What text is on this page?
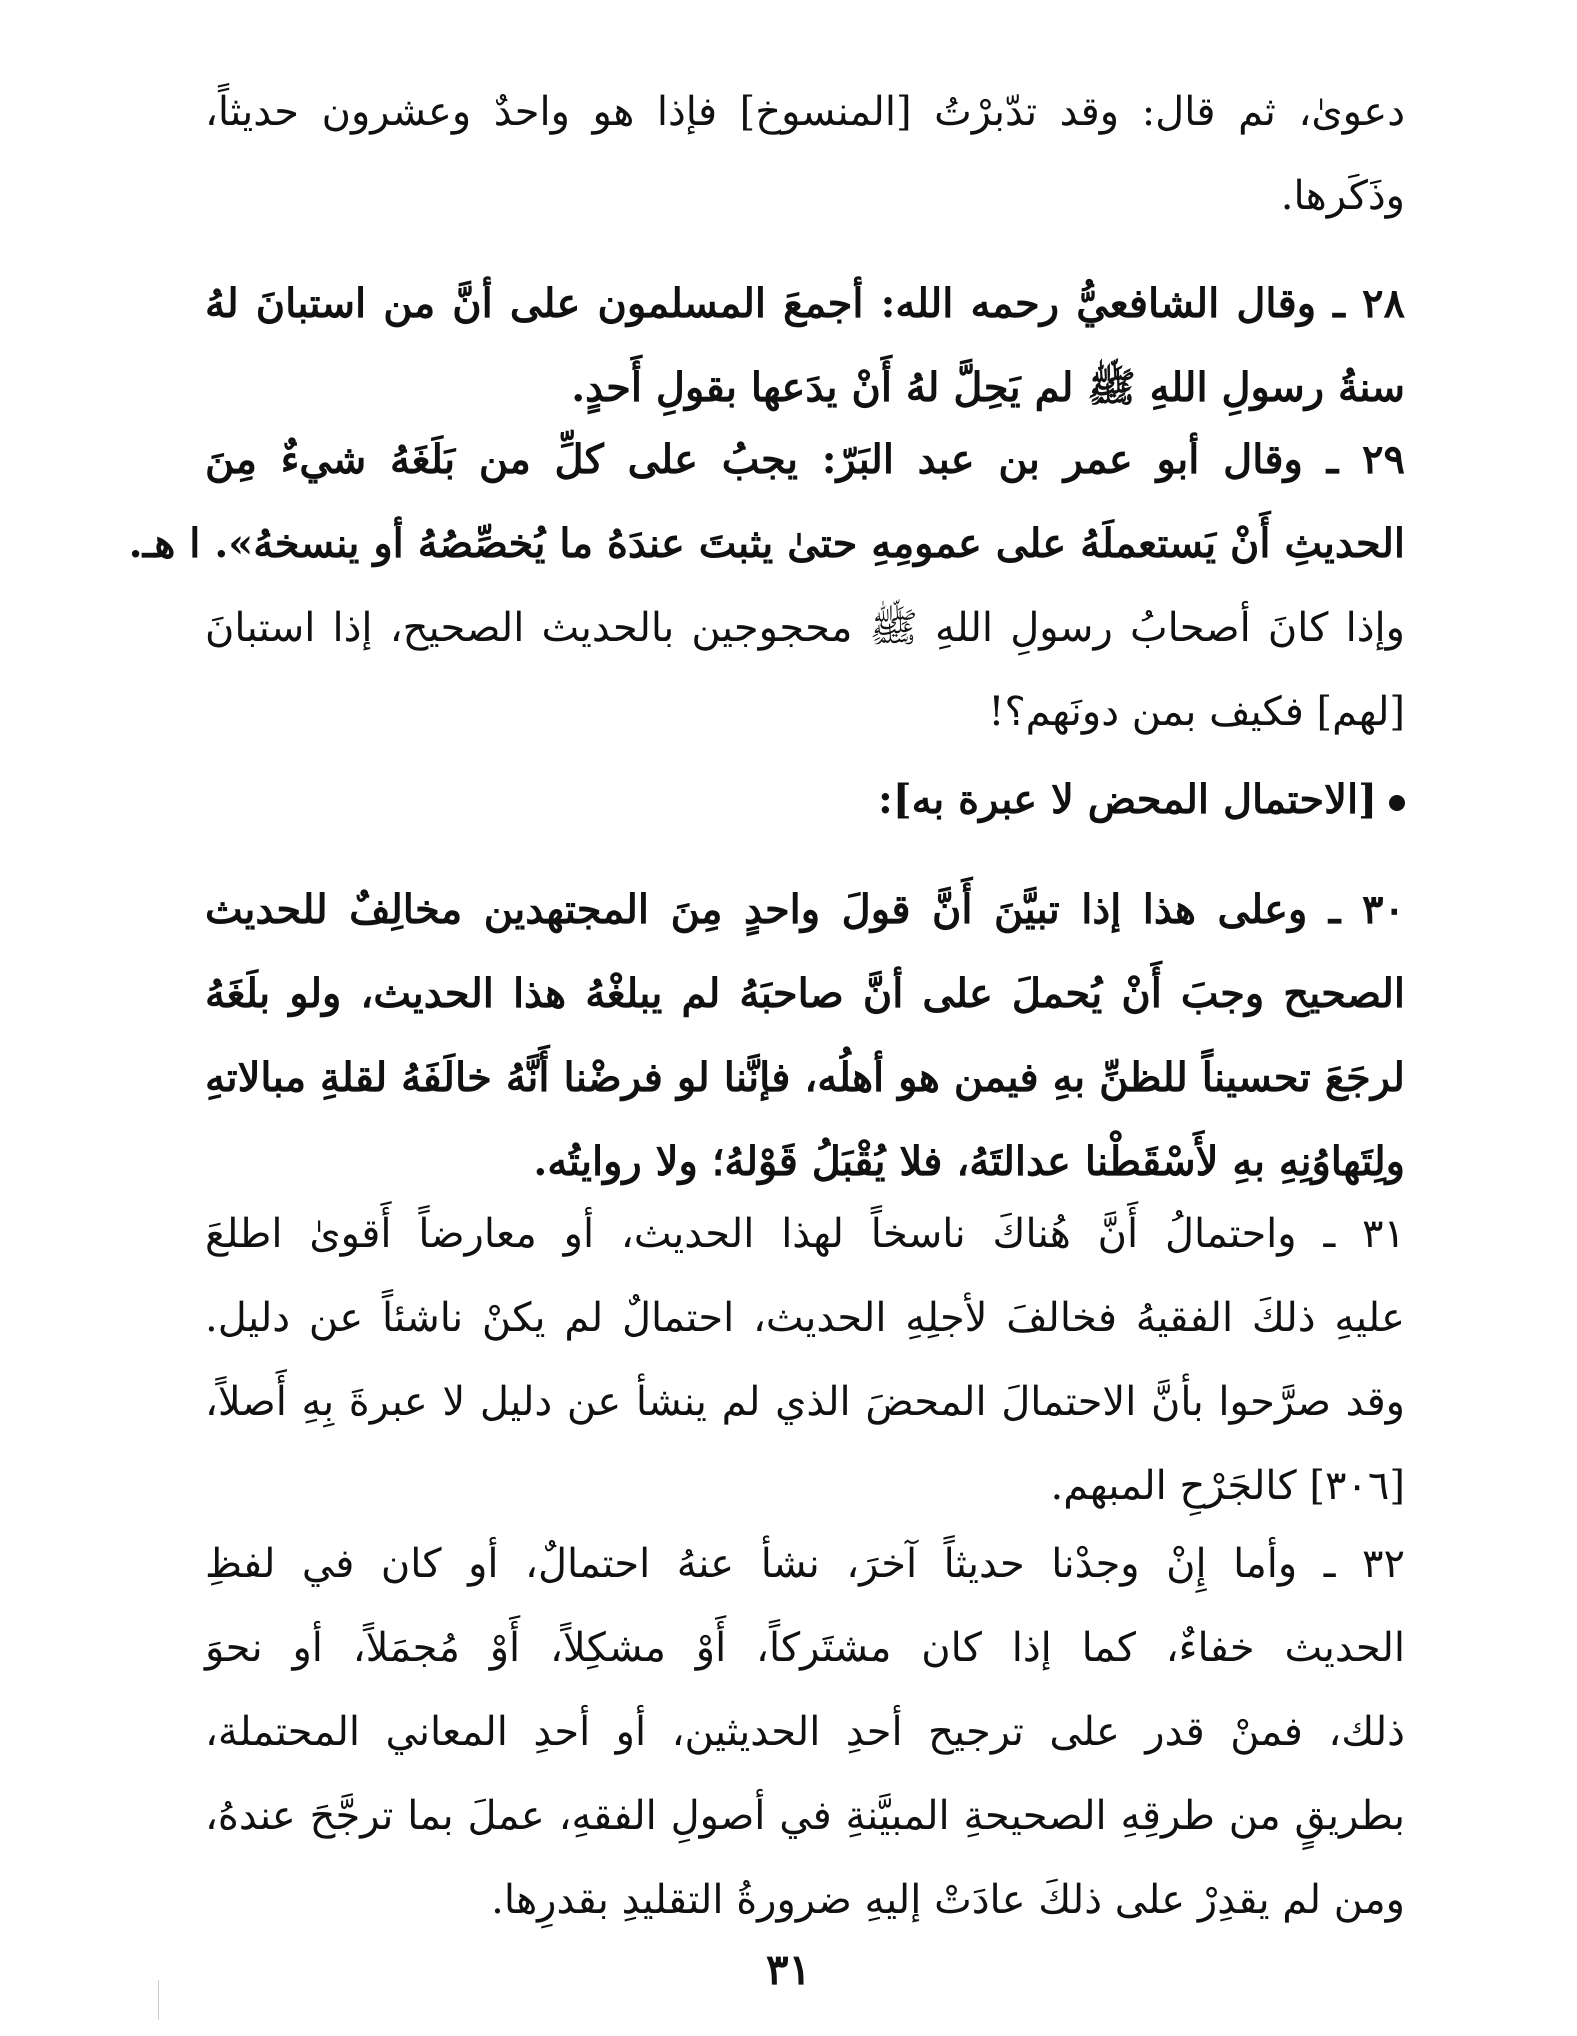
دعوىٰ، ثم قال: وقد تدّبرْتُ [المنسوخ] فإذا هو واحدٌ وعشرون حديثاً،
وذَكَرها.
٢٨ ـ وقال الشافعيُّ رحمه الله: أجمعَ المسلمون على أنَّ من استبانَ لهُ
سنةُ رسولِ اللهِ ﷺ لم يَحِلَّ لهُ أَنْ يدَعها بقولِ أَحدٍ.
٢٩ ـ وقال أبو عمر بن عبد البَرّ: يجبُ على كلِّ من بَلَغَهُ شيءٌ مِنَ
الحديثِ أَنْ يَستعملَهُ على عمومِهِ حتىٰ يثبتَ عندَهُ ما يُخصِّصُهُ أو ينسخهُ». ا هـ.
وإذا كانَ أصحابُ رسولِ اللهِ ﷺ محجوجين بالحديث الصحيح، إذا استبانَ
[لهم] فكيف بمن دونَهم؟!
[الاحتمال المحض لا عبرة به]:
٣٠ ـ وعلى هذا إذا تبيَّنَ أَنَّ قولَ واحدٍ مِنَ المجتهدين مخالِفٌ للحديث
الصحيح وجبَ أَنْ يُحملَ على أنَّ صاحبَهُ لم يبلغْهُ هذا الحديث، ولو بلَغَهُ
لرجَعَ تحسيناً للظنِّ بهِ فيمن هو أهلُه، فإنَّنا لو فرضْنا أَنَّهُ خالَفَهُ لقلةِ مبالاتهِ
ولِتَهاوُنِهِ بهِ لأَسْقَطْنا عدالتَهُ، فلا يُقْبَلُ قَوْلهُ؛ ولا روايتُه.
٣١ ـ واحتمالُ أَنَّ هُناكَ ناسخاً لهذا الحديث، أو معارضاً أَقوىٰ اطلعَ
عليهِ ذلكَ الفقيهُ فخالفَ لأجلِهِ الحديث، احتمالٌ لم يكنْ ناشئاً عن دليل.
وقد صرَّحوا بأنَّ الاحتمالَ المحضَ الذي لم ينشأ عن دليل لا عبرةَ بِهِ أَصلاً،
[٣٠٦] كالجَرْحِ المبهم.
٣٢ ـ وأما إِنْ وجدْنا حديثاً آخرَ، نشأ عنهُ احتمالٌ، أو كان في لفظِ
الحديث خفاءٌ، كما إذا كان مشتَركاً، أَوْ مشكِلاً، أَوْ مُجمَلاً، أو نحوَ
ذلك، فمنْ قدر على ترجيح أحدِ الحديثين، أو أحدِ المعاني المحتملة،
بطريقٍ من طرقِهِ الصحيحةِ المبيَّنةِ في أصولِ الفقهِ، عملَ بما ترجَّحَ عندهُ،
ومن لم يقدِرْ على ذلكَ عادَتْ إليهِ ضرورةُ التقليدِ بقدرِها.
٣١
